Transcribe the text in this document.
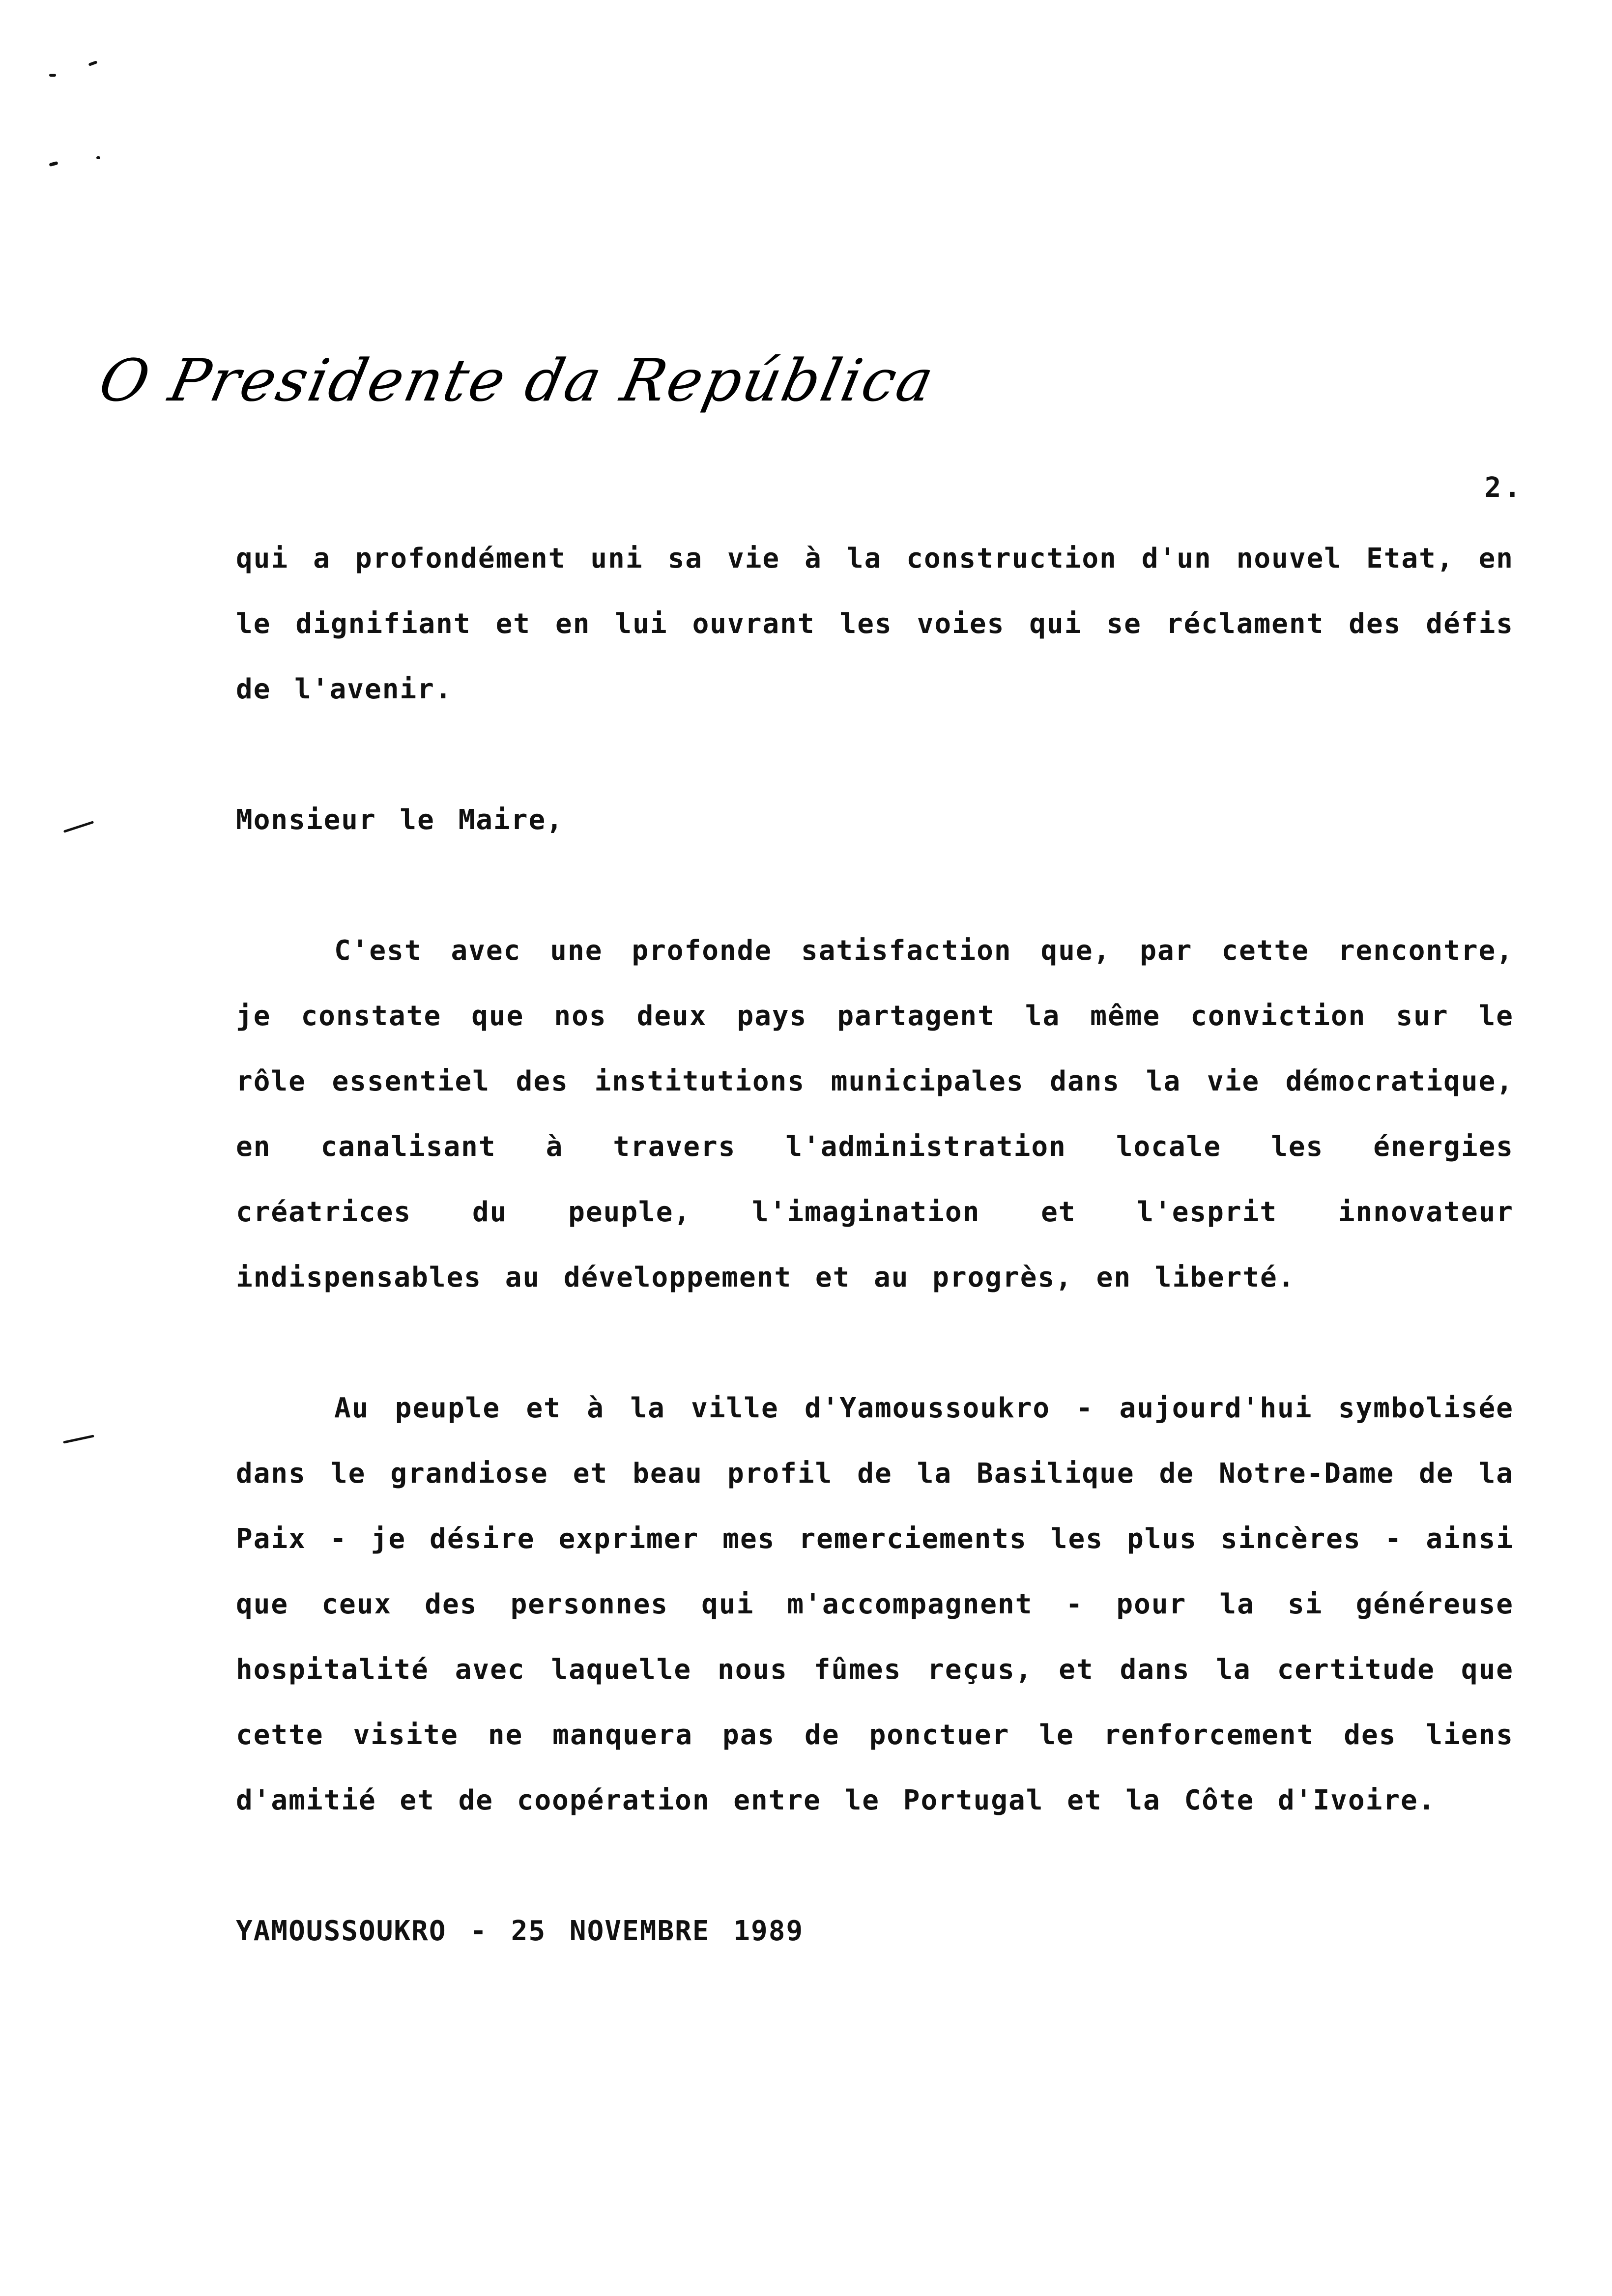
O Presidente da República
2.

qui a profondément uni sa vie à la construction d'un nouvel Etat, en le dignifiant et en lui ouvrant les voies qui se réclament des défis de l'avenir.

Monsieur le Maire,

C'est avec une profonde satisfaction que, par cette rencontre, je constate que nos deux pays partagent la même conviction sur le rôle essentiel des institutions municipales dans la vie démocratique, en canalisant à travers l'administration locale les énergies créatrices du peuple, l'imagination et l'esprit innovateur indispensables au développement et au progrès, en liberté.

Au peuple et à la ville d'Yamoussoukro - aujourd'hui symbolisée dans le grandiose et beau profil de la Basilique de Notre-Dame de la Paix - je désire exprimer mes remerciements les plus sincères - ainsi que ceux des personnes qui m'accompagnent - pour la si généreuse hospitalité avec laquelle nous fûmes reçus, et dans la certitude que cette visite ne manquera pas de ponctuer le renforcement des liens d'amitié et de coopération entre le Portugal et la Côte d'Ivoire.

YAMOUSSOUKRO - 25 NOVEMBRE 1989
